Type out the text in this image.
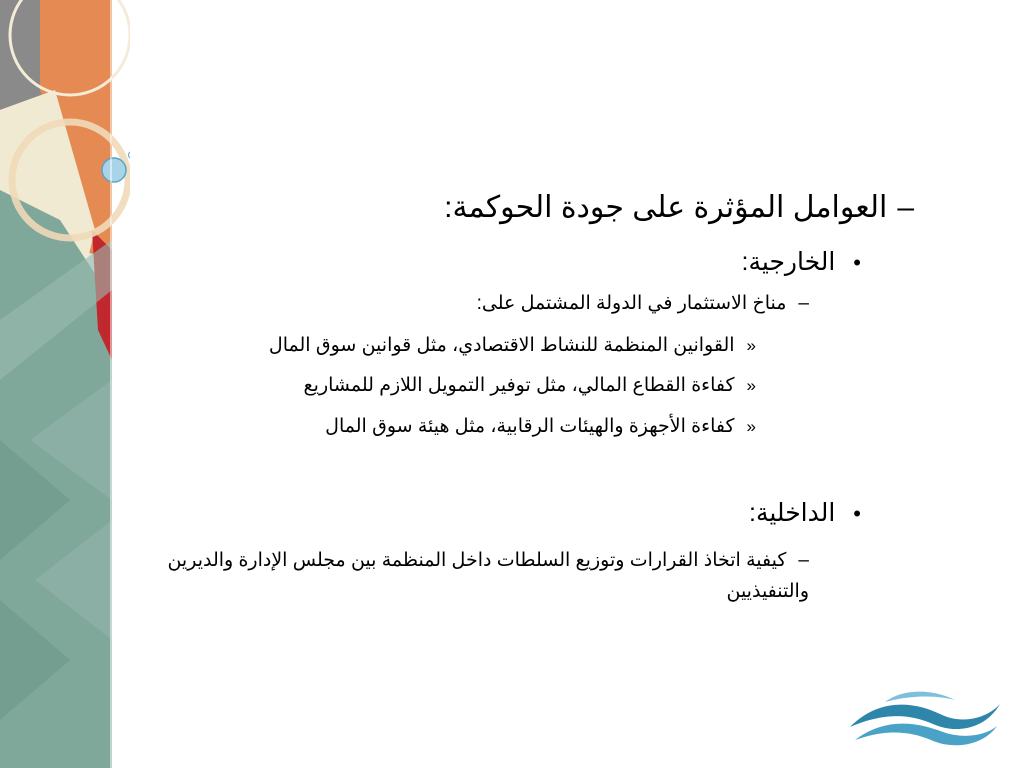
–العوامل المؤثرة على جودة الحوكمة:
•الخارجية:
–مناخ الاستثمار في الدولة المشتمل على:
«القوانين المنظمة للنشاط الاقتصادي، مثل قوانين سوق المال
«كفاءة القطاع المالي، مثل توفير التمويل اللازم للمشاريع
«كفاءة الأجهزة والهيئات الرقابية، مثل هيئة سوق المال
•الداخلية:
–كيفية اتخاذ القرارات وتوزيع السلطات داخل المنظمة بين مجلس الإدارة والديرين والتنفيذيين
